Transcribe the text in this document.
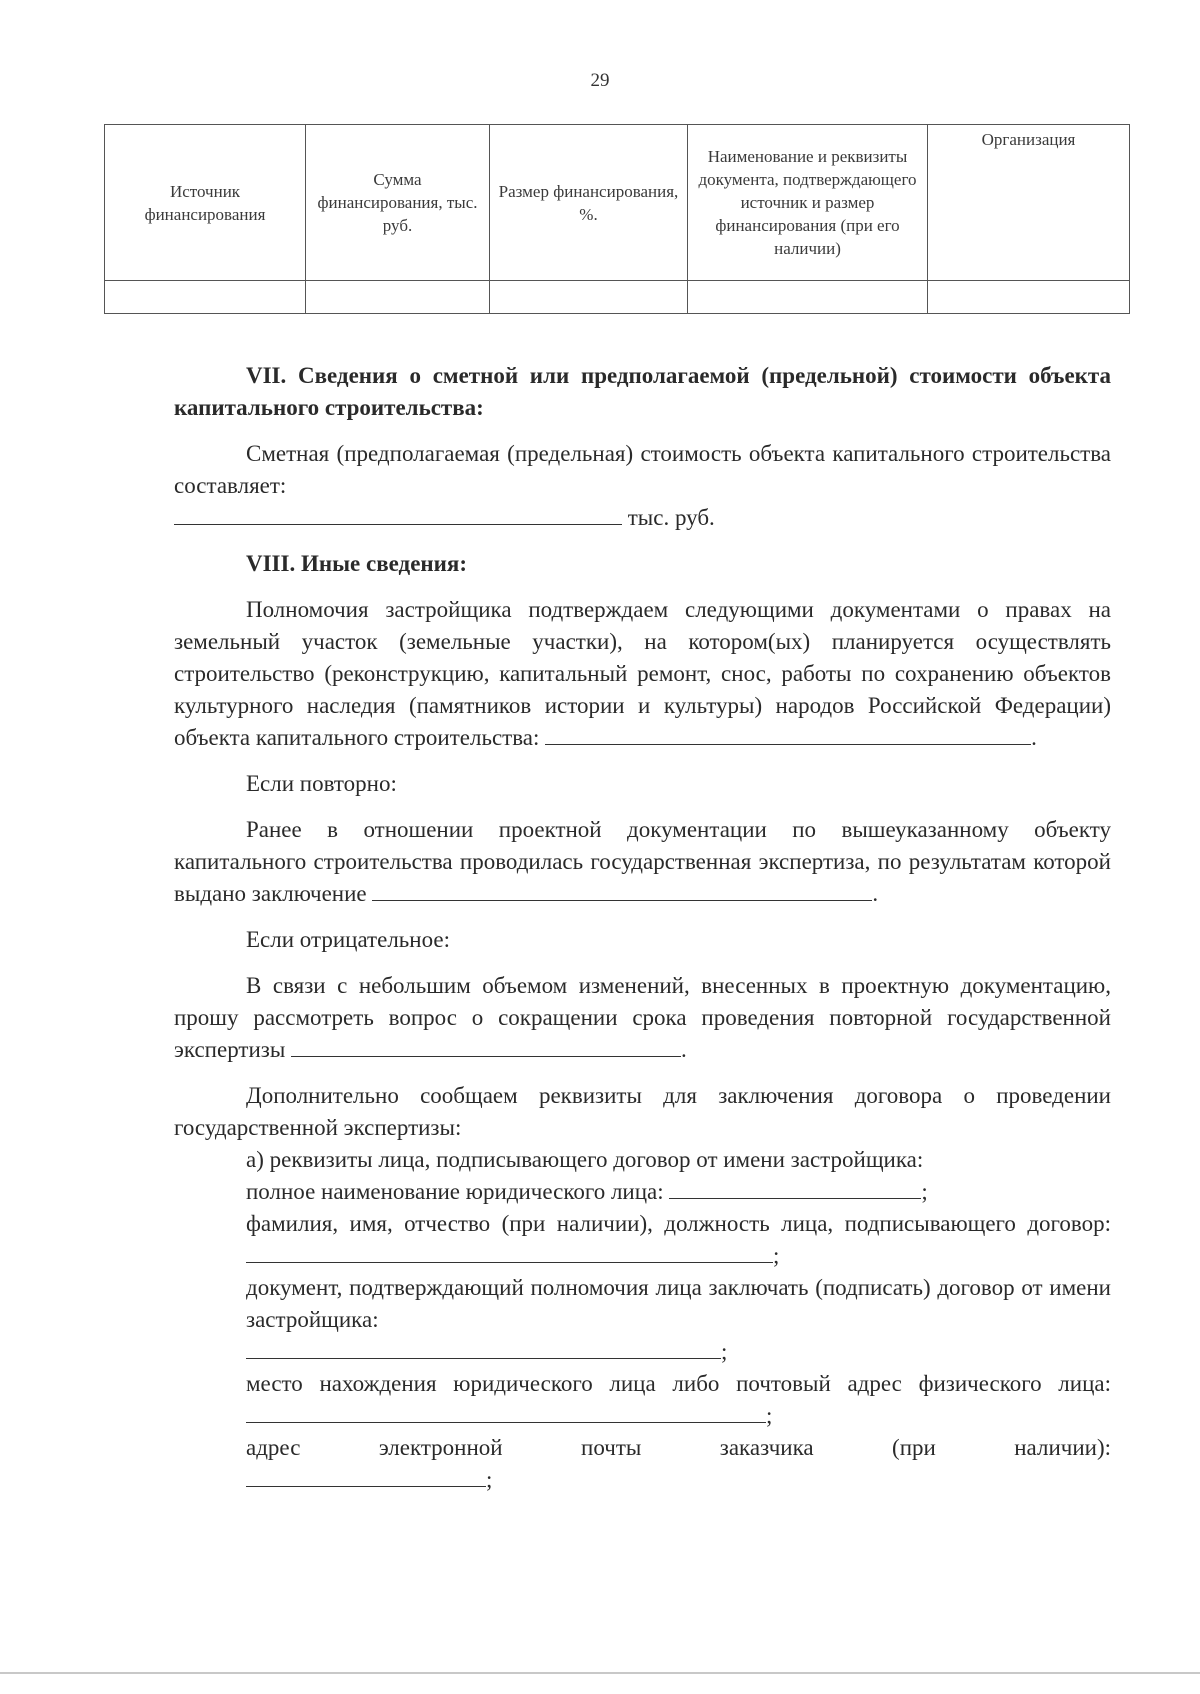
29
Источник финансирования	Сумма финансирования, тыс. руб.	Размер финансирования, %.	Наименование и реквизиты документа, подтверждающего источник и размер финансирования (при его наличии)	Организация

VII. Сведения о сметной или предполагаемой (предельной) стоимости объекта капитального строительства:

Сметная (предполагаемая (предельная) стоимость объекта капитального строительства составляет:

тыс. руб.

VIII. Иные сведения:

Полномочия застройщика подтверждаем следующими документами о правах на земельный участок (земельные участки), на котором(ых) планируется осуществлять строительство (реконструкцию, капитальный ремонт, снос, работы по сохранению объектов культурного наследия (памятников истории и культуры) народов Российской Федерации) объекта капитального строительства:	.

Если повторно:

Ранее в отношении проектной документации по вышеуказанному объекту капитального строительства проводилась государственная экспертиза, по результатам которой выдано заключение	.

Если отрицательное:

В связи с небольшим объемом изменений, внесенных в проектную документацию, прошу рассмотреть вопрос о сокращении срока проведения повторной государственной экспертизы	.

Дополнительно сообщаем реквизиты для заключения договора о проведении государственной экспертизы:

а) реквизиты лица, подписывающего договор от имени застройщика:

полное наименование юридического лица:	;

фамилия, имя, отчество (при наличии), должность лица, подписывающего договор:

;

документ, подтверждающий полномочия лица заключать (подписать) договор от имени застройщика:

;

место нахождения юридического лица либо почтовый адрес физического лица: ;

адрес электронной почты заказчика (при наличии):

;
